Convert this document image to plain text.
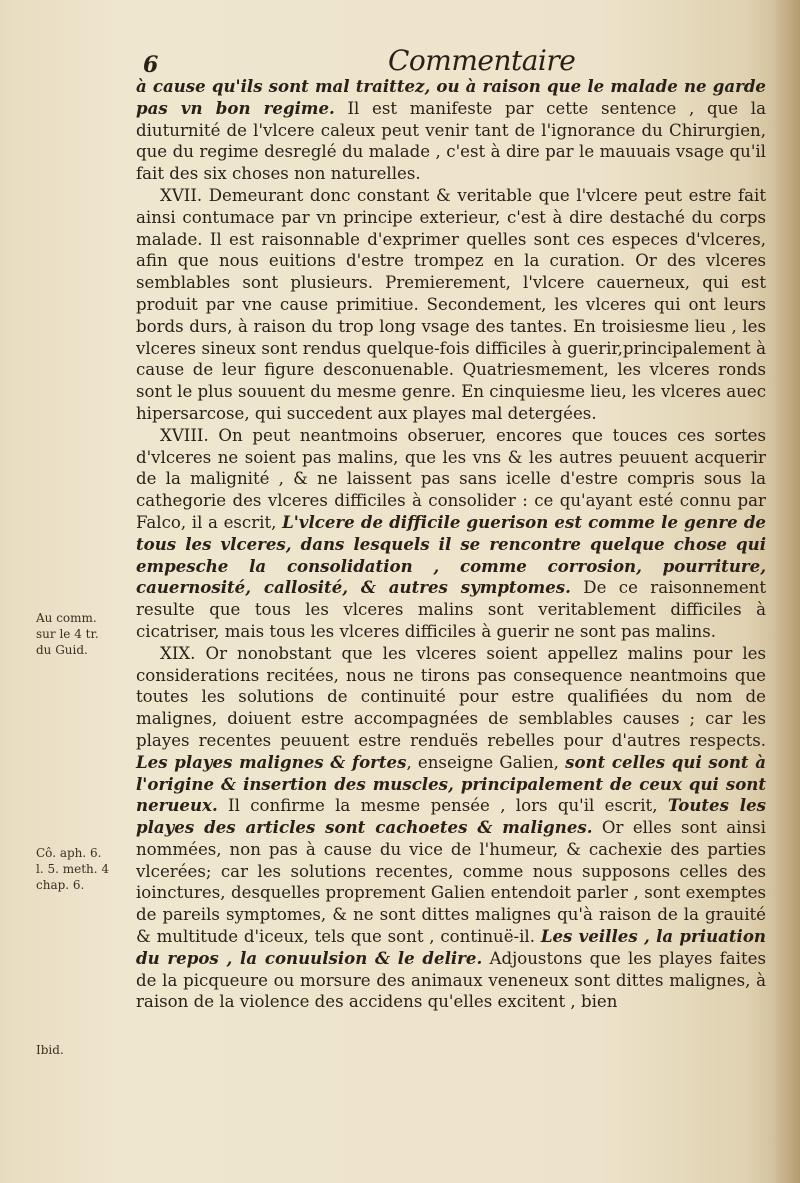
6	Commentaire

à cause qu'ils sont mal traittez, ou à raison que le malade ne garde pas vn bon regime. Il est manifeste par cette sentence , que la diuturnité de l'vlcere caleux peut venir tant de l'ignorance du Chirurgien, que du regime desreglé du malade , c'est à dire par le mauuais vsage qu'il fait des six choses non naturelles.

XVII. Demeurant donc constant & veritable que l'vlcere peut estre fait ainsi contumace par vn principe exterieur, c'est à dire destaché du corps malade. Il est raisonnable d'exprimer quelles sont ces especes d'vlceres, afin que nous euitions d'estre trompez en la curation. Or des vlceres semblables sont plusieurs. Premierement, l'vlcere cauerneux, qui est produit par vne cause primitiue. Secondement, les vlceres qui ont leurs bords durs, à raison du trop long vsage des tantes. En troisiesme lieu , les vlceres sineux sont rendus quelque-fois difficiles à guerir,principalement à cause de leur figure desconuenable. Quatriesmement, les vlceres ronds sont le plus souuent du mesme genre. En cinquiesme lieu, les vlceres auec hipersarcose, qui succedent aux playes mal detergées.

XVIII. On peut neantmoins obseruer, encores que touces ces sortes d'vlceres ne soient pas malins, que les vns & les autres peuuent acquerir de la malignité , & ne laissent pas sans icelle d'estre compris sous la cathegorie des vlceres difficiles à consolider : ce qu'ayant esté connu par Falco, il a escrit, L'vlcere de difficile guerison est comme le genre de tous les vlceres, dans lesquels il se rencontre quelque chose qui empesche la consolidation , comme corrosion, pourriture, cauernosité, callosité, & autres symptomes. De ce raisonnement resulte que tous les vlceres malins sont veritablement difficiles à cicatriser, mais tous les vlceres difficiles à guerir ne sont pas malins.

XIX. Or nonobstant que les vlceres soient appellez malins pour les considerations recitées, nous ne tirons pas consequence neantmoins que toutes les solutions de continuité pour estre qualifiées du nom de malignes, doiuent estre accompagnées de semblables causes ; car les playes recentes peuuent estre renduës rebelles pour d'autres respects. Les playes malignes & fortes, enseigne Galien, sont celles qui sont à l'origine & insertion des muscles, principalement de ceux qui sont nerueux. Il confirme la mesme pensée , lors qu'il escrit, Toutes les playes des articles sont cachoetes & malignes. Or elles sont ainsi nommées, non pas à cause du vice de l'humeur, & cachexie des parties vlcerées; car les solutions recentes, comme nous supposons celles des ioinctures, desquelles proprement Galien entendoit parler , sont exemptes de pareils symptomes, & ne sont dittes malignes qu'à raison de la grauité & multitude d'iceux, tels que sont , continuë-il. Les veilles , la priuation du repos , la conuulsion & le delire. Adjoustons que les playes faites de la picqueure ou morsure des animaux veneneux sont dittes malignes, à raison de la violence des accidens qu'elles excitent , bien

Au comm.
sur le 4 tr.
du Guid.
Cô. aph. 6.
l. 5. meth. 4
chap. 6.
Ibid.
